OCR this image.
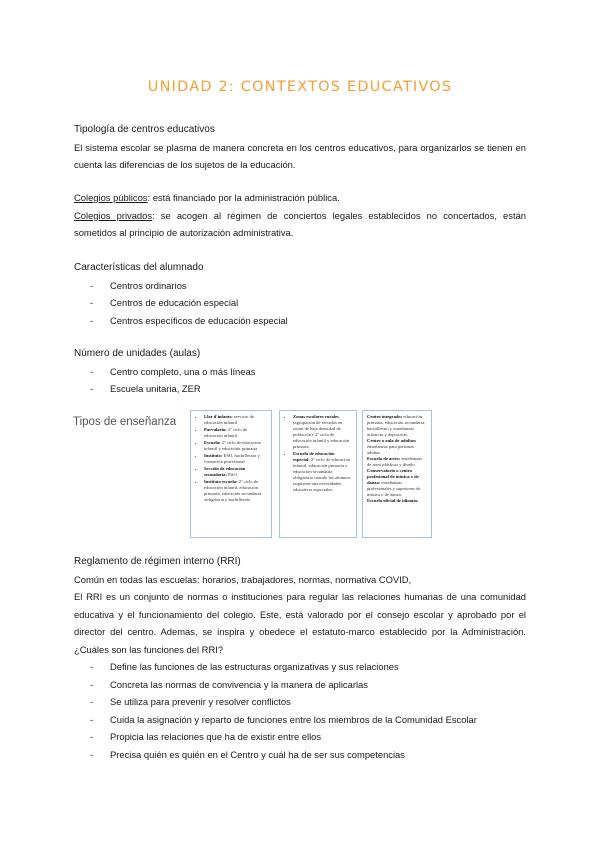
UNIDAD 2: CONTEXTOS EDUCATIVOS
Tipología de centros educativos
El sistema escolar se plasma de manera concreta en los centros educativos, para organizarlos se tienen en cuenta las diferencias de los sujetos de la educación.
Colegios públicos: está financiado por la administración pública.
Colegios privados: se acogen al régimen de conciertos legales establecidos no concertados, están sometidos al principio de autorización administrativa.
Características del alumnado
- Centros ordinarios
- Centros de educación especial
- Centros específicos de educación especial
Número de unidades (aulas)
- Centro completo, una o más líneas
- Escuela unitaria, ZER
Tipos de enseñanza
•	Llar d'infants: servicio de educación infantil
• Parvulario: 2º ciclo de educación infantil
• Escuela: 2º ciclo de educación infantil y educación primaria
• Instituto: ESO, bachillerato y formación profesional
• Sección de educación secundaria: ESO
• Instituto escuela: 2º ciclo de educación infantil, educación primaria, educación secundaria obligatoria y bachillerato
• Zonas escolares rurales (agrupación de escuelas en zonas de baja densidad de población): 2º ciclo de educación infantil y educación primaria.
• Escuela de educación especial: 2º ciclo de educación infantil, educación primaria y educación secundaria obligatoria cuando los alumnos requieren una necesidades educativas especiales.
Centro integrado: educación primaria, educación secundaria, bachillerato y enseñanzas artísticas y deportivas.
Centro o aula de adultos: enseñanzas para personas adultas.
Escuela de artes: enseñanzas de artes plásticas y diseño.
Conservatorio o centro profesional de música o de danza: enseñanzas profesionales y superiores de música o de danza.
Escuela oficial de idiomas.
Reglamento de régimen interno (RRI)
Común en todas las escuelas: horarios, trabajadores, normas, normativa COVID,
El RRI es un conjunto de normas o instituciones para regular las relaciones humanas de una comunidad educativa y el funcionamiento del colegio. Este, está valorado por el consejo escolar y aprobado por el director del centro. Además, se inspira y obedece el estatuto-marco establecido por la Administración. ¿Cuáles son las funciones del RRI?
- Define las funciones de las estructuras organizativas y sus relaciones
- Concreta las normas de convivencia y la manera de aplicarlas
- Se utiliza para prevenir y resolver conflictos
- Cuida la asignación y reparto de funciones entre los miembros de la Comunidad Escolar
- Propicia las relaciones que ha de existir entre ellos
- Precisa quién es quién en el Centro y cuál ha de ser sus competencias
